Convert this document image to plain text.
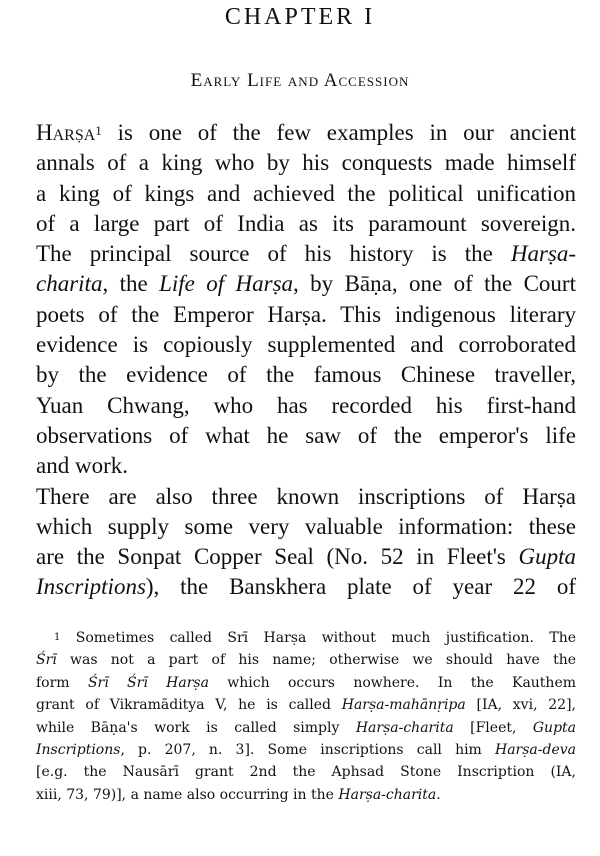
CHAPTER I
Early Life and Accession
Harṣa$^1$ is one of the few examples in our ancient
annals of a king who by his conquests made himself
a king of kings and achieved the political unification
of a large part of India as its paramount sovereign.
The principal source of his history is the Harṣa-
charita, the Life of Harṣa, by Bāṇa, one of the Court
poets of the Emperor Harṣa. This indigenous literary
evidence is copiously supplemented and corroborated
by the evidence of the famous Chinese traveller,
Yuan Chwang, who has recorded his first-hand
observations of what he saw of the emperor's life
and work.
There are also three known inscriptions of Harṣa
which supply some very valuable information: these
are the Sonpat Copper Seal (No. 52 in Fleet's Gupta
Inscriptions), the Banskhera plate of year 22 of
$^1$ Sometimes called Srī Harṣa without much justification. The
Śrī was not a part of his name; otherwise we should have the
form Śrī Śrī Harṣa which occurs nowhere. In the Kauthem
grant of Vikramāditya V, he is called Harṣa-mahānṛipa [IA, xvi, 22],
while Bāṇa's work is called simply Harṣa-charita [Fleet, Gupta
Inscriptions, p. 207, n. 3]. Some inscriptions call him Harṣa-deva
[e.g. the Nausārī grant 2nd the Aphsad Stone Inscription (IA,
xiii, 73, 79)], a name also occurring in the Harṣa-charita.
